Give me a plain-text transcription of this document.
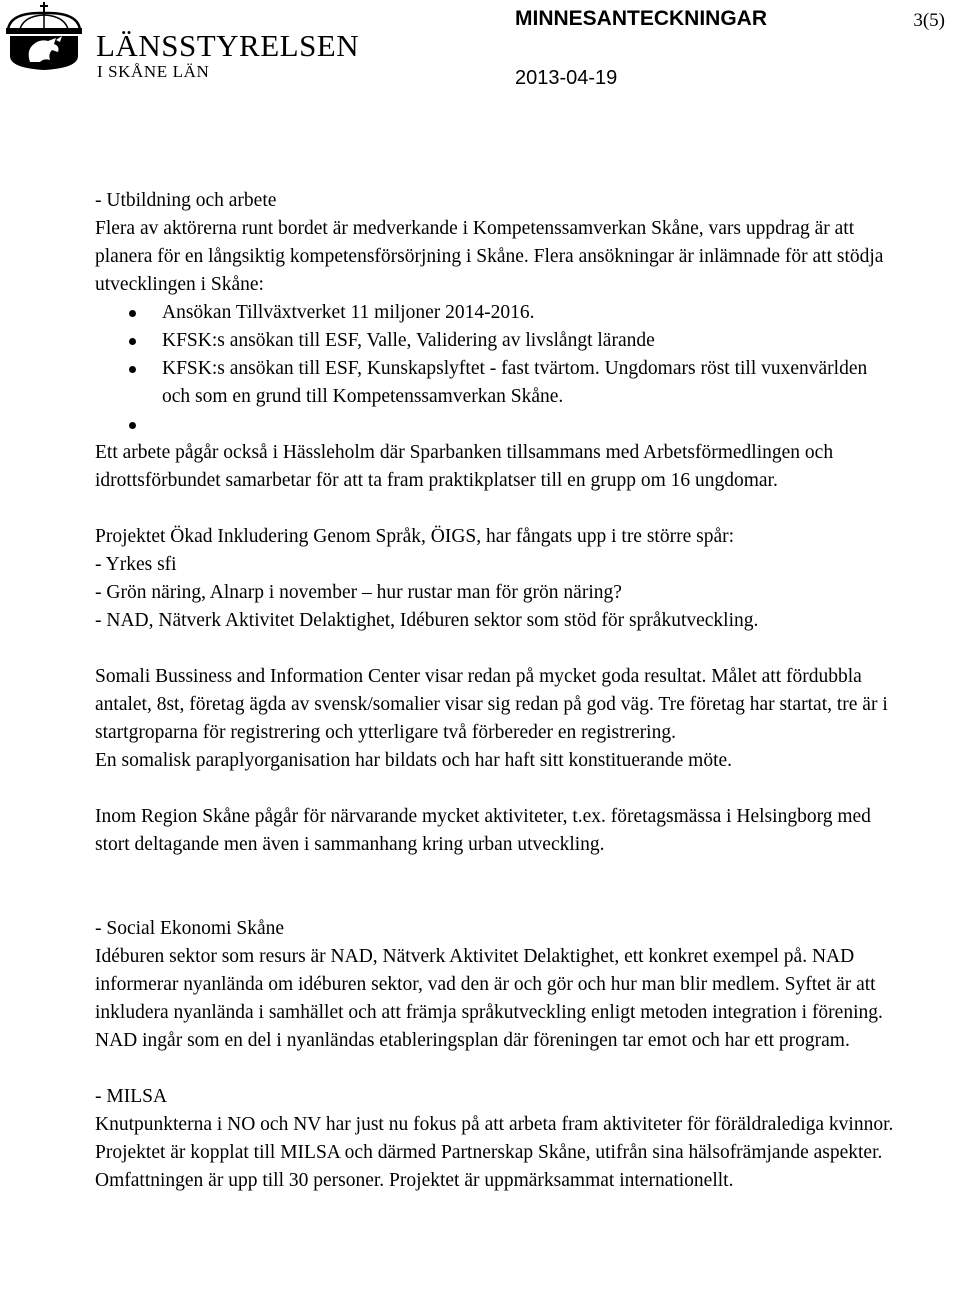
LÄNSSTYRELSEN
I SKÅNE LÄN
MINNESANTECKNINGAR	3(5)
2013-04-19

- Utbildning och arbete

Flera av aktörerna runt bordet är medverkande i Kompetenssamverkan Skåne, vars uppdrag är att planera för en långsiktig kompetensförsörjning i Skåne. Flera ansökningar är inlämnade för att stödja utvecklingen i Skåne:

Ansökan Tillväxtverket 11 miljoner 2014-2016.
KFSK:s ansökan till ESF, Valle, Validering av livslångt lärande
KFSK:s ansökan till ESF, Kunskapslyftet - fast tvärtom. Ungdomars röst till vuxenvärlden och som en grund till Kompetenssamverkan Skåne.

Ett arbete pågår också i Hässleholm där Sparbanken tillsammans med Arbetsförmedlingen och idrottsförbundet samarbetar för att ta fram praktikplatser till en grupp om 16 ungdomar.

Projektet Ökad Inkludering Genom Språk, ÖIGS, har fångats upp i tre större spår:

- Yrkes sfi

- Grön näring, Alnarp i november – hur rustar man för grön näring?

- NAD, Nätverk Aktivitet Delaktighet, Idéburen sektor som stöd för språkutveckling.

Somali Bussiness and Information Center visar redan på mycket goda resultat. Målet att fördubbla antalet, 8st, företag ägda av svensk/somalier visar sig redan på god väg. Tre företag har startat, tre är i startgroparna för registrering och ytterligare två förbereder en registrering.

En somalisk paraplyorganisation har bildats och har haft sitt konstituerande möte.

Inom Region Skåne pågår för närvarande mycket aktiviteter, t.ex. företagsmässa i Helsingborg med stort deltagande men även i sammanhang kring urban utveckling.

- Social Ekonomi Skåne

Idéburen sektor som resurs är NAD, Nätverk Aktivitet Delaktighet, ett konkret exempel på. NAD informerar nyanlända om idéburen sektor, vad den är och gör och hur man blir medlem. Syftet är att inkludera nyanlända i samhället och att främja språkutveckling enligt metoden integration i förening. NAD ingår som en del i nyanländas etableringsplan där föreningen tar emot och har ett program.

- MILSA

Knutpunkterna i NO och NV har just nu fokus på att arbeta fram aktiviteter för föräldralediga kvinnor. Projektet är kopplat till MILSA och därmed Partnerskap Skåne, utifrån sina hälsofrämjande aspekter. Omfattningen är upp till 30 personer. Projektet är uppmärksammat internationellt.
